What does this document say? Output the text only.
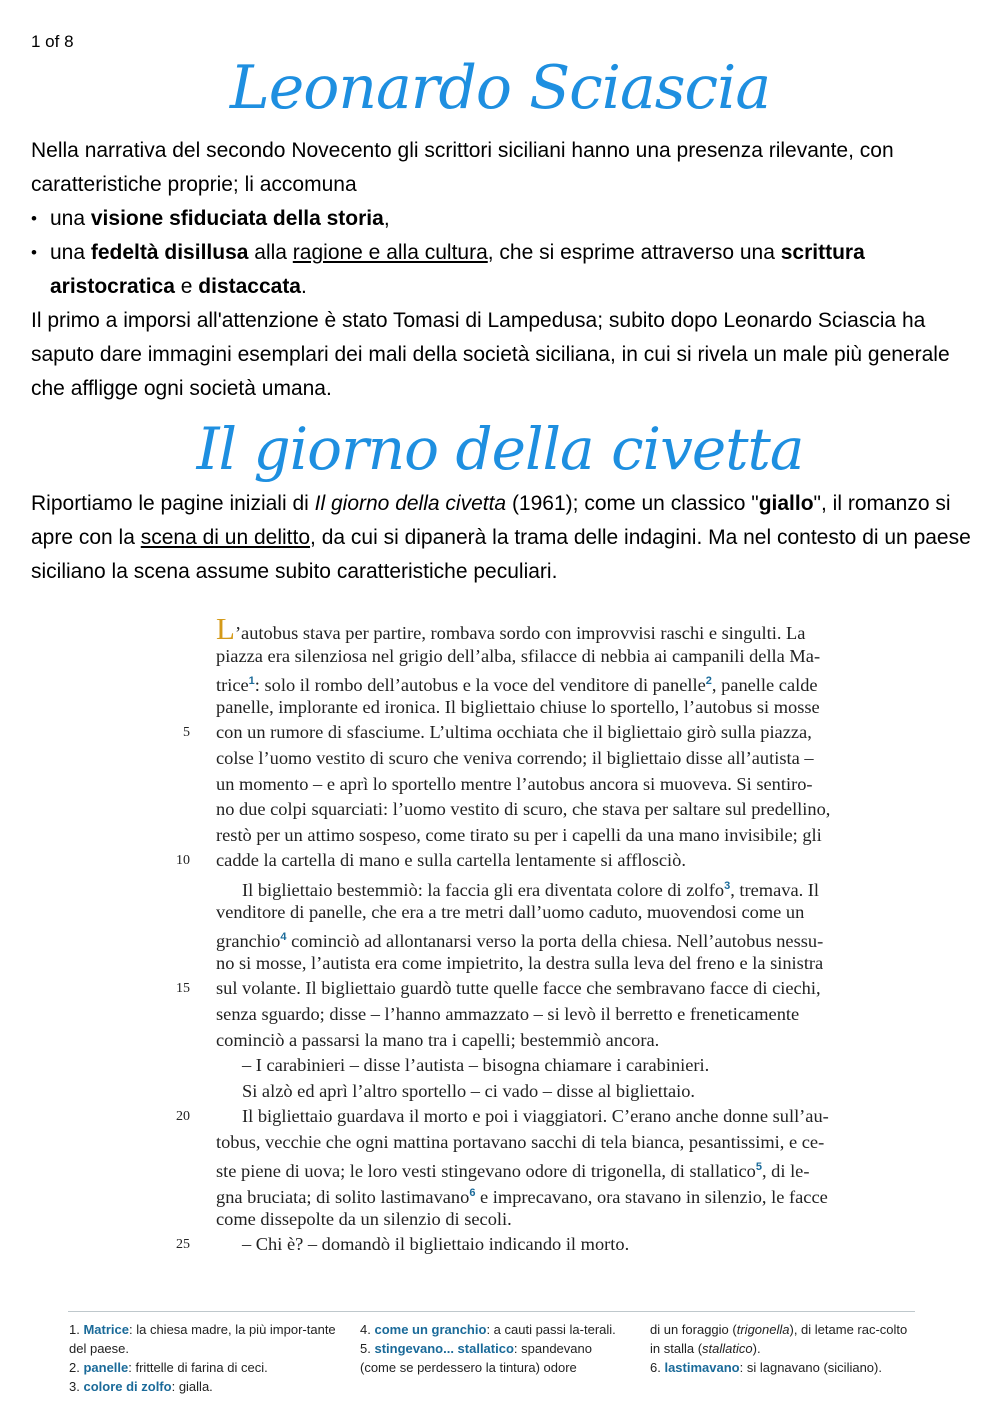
1 of 8
Leonardo Sciascia

Nella narrativa del secondo Novecento gli scrittori siciliani hanno una presenza rilevante, con caratteristiche proprie; li accomuna

• una visione sfiduciata della storia,
• una fedeltà disillusa alla ragione e alla cultura, che si esprime attraverso una scrittura aristocratica e distaccata.

Il primo a imporsi all'attenzione è stato Tomasi di Lampedusa; subito dopo Leonardo Sciascia ha saputo dare immagini esemplari dei mali della società siciliana, in cui si rivela un male più generale che affligge ogni società umana.

Il giorno della civetta

Riportiamo le pagine iniziali di Il giorno della civetta (1961); come un classico "giallo", il romanzo si apre con la scena di un delitto, da cui si dipanerà la trama delle indagini. Ma nel contesto di un paese siciliano la scena assume subito caratteristiche peculiari.

L’autobus stava per partire, rombava sordo con improvvisi raschi e singulti. La
piazza era silenziosa nel grigio dell’alba, sfilacce di nebbia ai campanili della Ma-
trice$^1$: solo il rombo dell’autobus e la voce del venditore di panelle$^2$, panelle calde
panelle, implorante ed ironica. Il bigliettaio chiuse lo sportello, l’autobus si mosse
5 con un rumore di sfasciume. L’ultima occhiata che il bigliettaio girò sulla piazza,
colse l’uomo vestito di scuro che veniva correndo; il bigliettaio disse all’autista –
un momento – e aprì lo sportello mentre l’autobus ancora si muoveva. Si sentiro-
no due colpi squarciati: l’uomo vestito di scuro, che stava per saltare sul predellino,
restò per un attimo sospeso, come tirato su per i capelli da una mano invisibile; gli
10 cadde la cartella di mano e sulla cartella lentamente si afflosciò.
Il bigliettaio bestemmiò: la faccia gli era diventata colore di zolfo$^3$, tremava. Il
venditore di panelle, che era a tre metri dall’uomo caduto, muovendosi come un
granchio$^4$ cominciò ad allontanarsi verso la porta della chiesa. Nell’autobus nessu-
no si mosse, l’autista era come impietrito, la destra sulla leva del freno e la sinistra
15 sul volante. Il bigliettaio guardò tutte quelle facce che sembravano facce di ciechi,
senza sguardo; disse – l’hanno ammazzato – si levò il berretto e freneticamente
cominciò a passarsi la mano tra i capelli; bestemmiò ancora.
– I carabinieri – disse l’autista – bisogna chiamare i carabinieri.
Si alzò ed aprì l’altro sportello – ci vado – disse al bigliettaio.
20	Il bigliettaio guardava il morto e poi i viaggiatori. C’erano anche donne sull’au-
tobus, vecchie che ogni mattina portavano sacchi di tela bianca, pesantissimi, e ce-
ste piene di uova; le loro vesti stingevano odore di trigonella, di stallatico$^5$, di le-
gna bruciata; di solito lastimavano$^6$ e imprecavano, ora stavano in silenzio, le facce
come dissepolte da un silenzio di secoli.
25	– Chi è? – domandò il bigliettaio indicando il morto.
1. Matrice: la chiesa madre, la più impor-tante del paese.
2. panelle: frittelle di farina di ceci.
3. colore di zolfo: gialla.
4. come un granchio: a cauti passi la-terali.
5. stingevano... stallatico: spandevano (come se perdessero la tintura) odore
di un foraggio (trigonella), di letame rac-colto in stalla (stallatico).
6. lastimavano: si lagnavano (siciliano).
